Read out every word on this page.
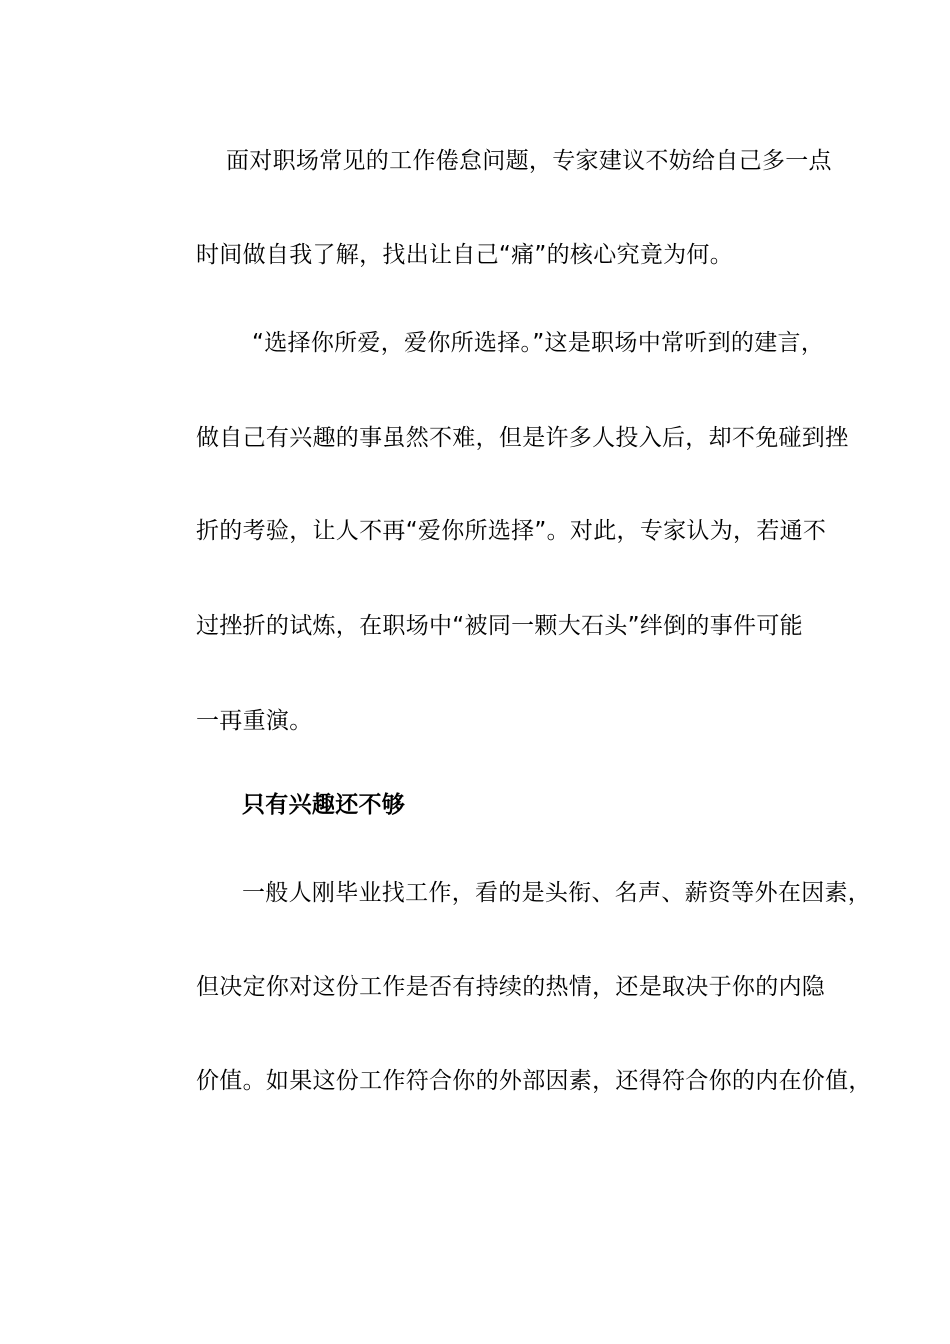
面对职场常见的工作倦怠问题，专家建议不妨给自己多一点
时间做自我了解，找出让自己“痛”的核心究竟为何。
“选择你所爱，爱你所选择。”这是职场中常听到的建言，
做自己有兴趣的事虽然不难，但是许多人投入后，却不免碰到挫
折的考验，让人不再“爱你所选择”。对此，专家认为，若通不
过挫折的试炼，在职场中“被同一颗大石头”绊倒的事件可能
一再重演。
只有兴趣还不够
一般人刚毕业找工作，看的是头衔、名声、薪资等外在因素，
但决定你对这份工作是否有持续的热情，还是取决于你的内隐
价值。如果这份工作符合你的外部因素，还得符合你的内在价值，
